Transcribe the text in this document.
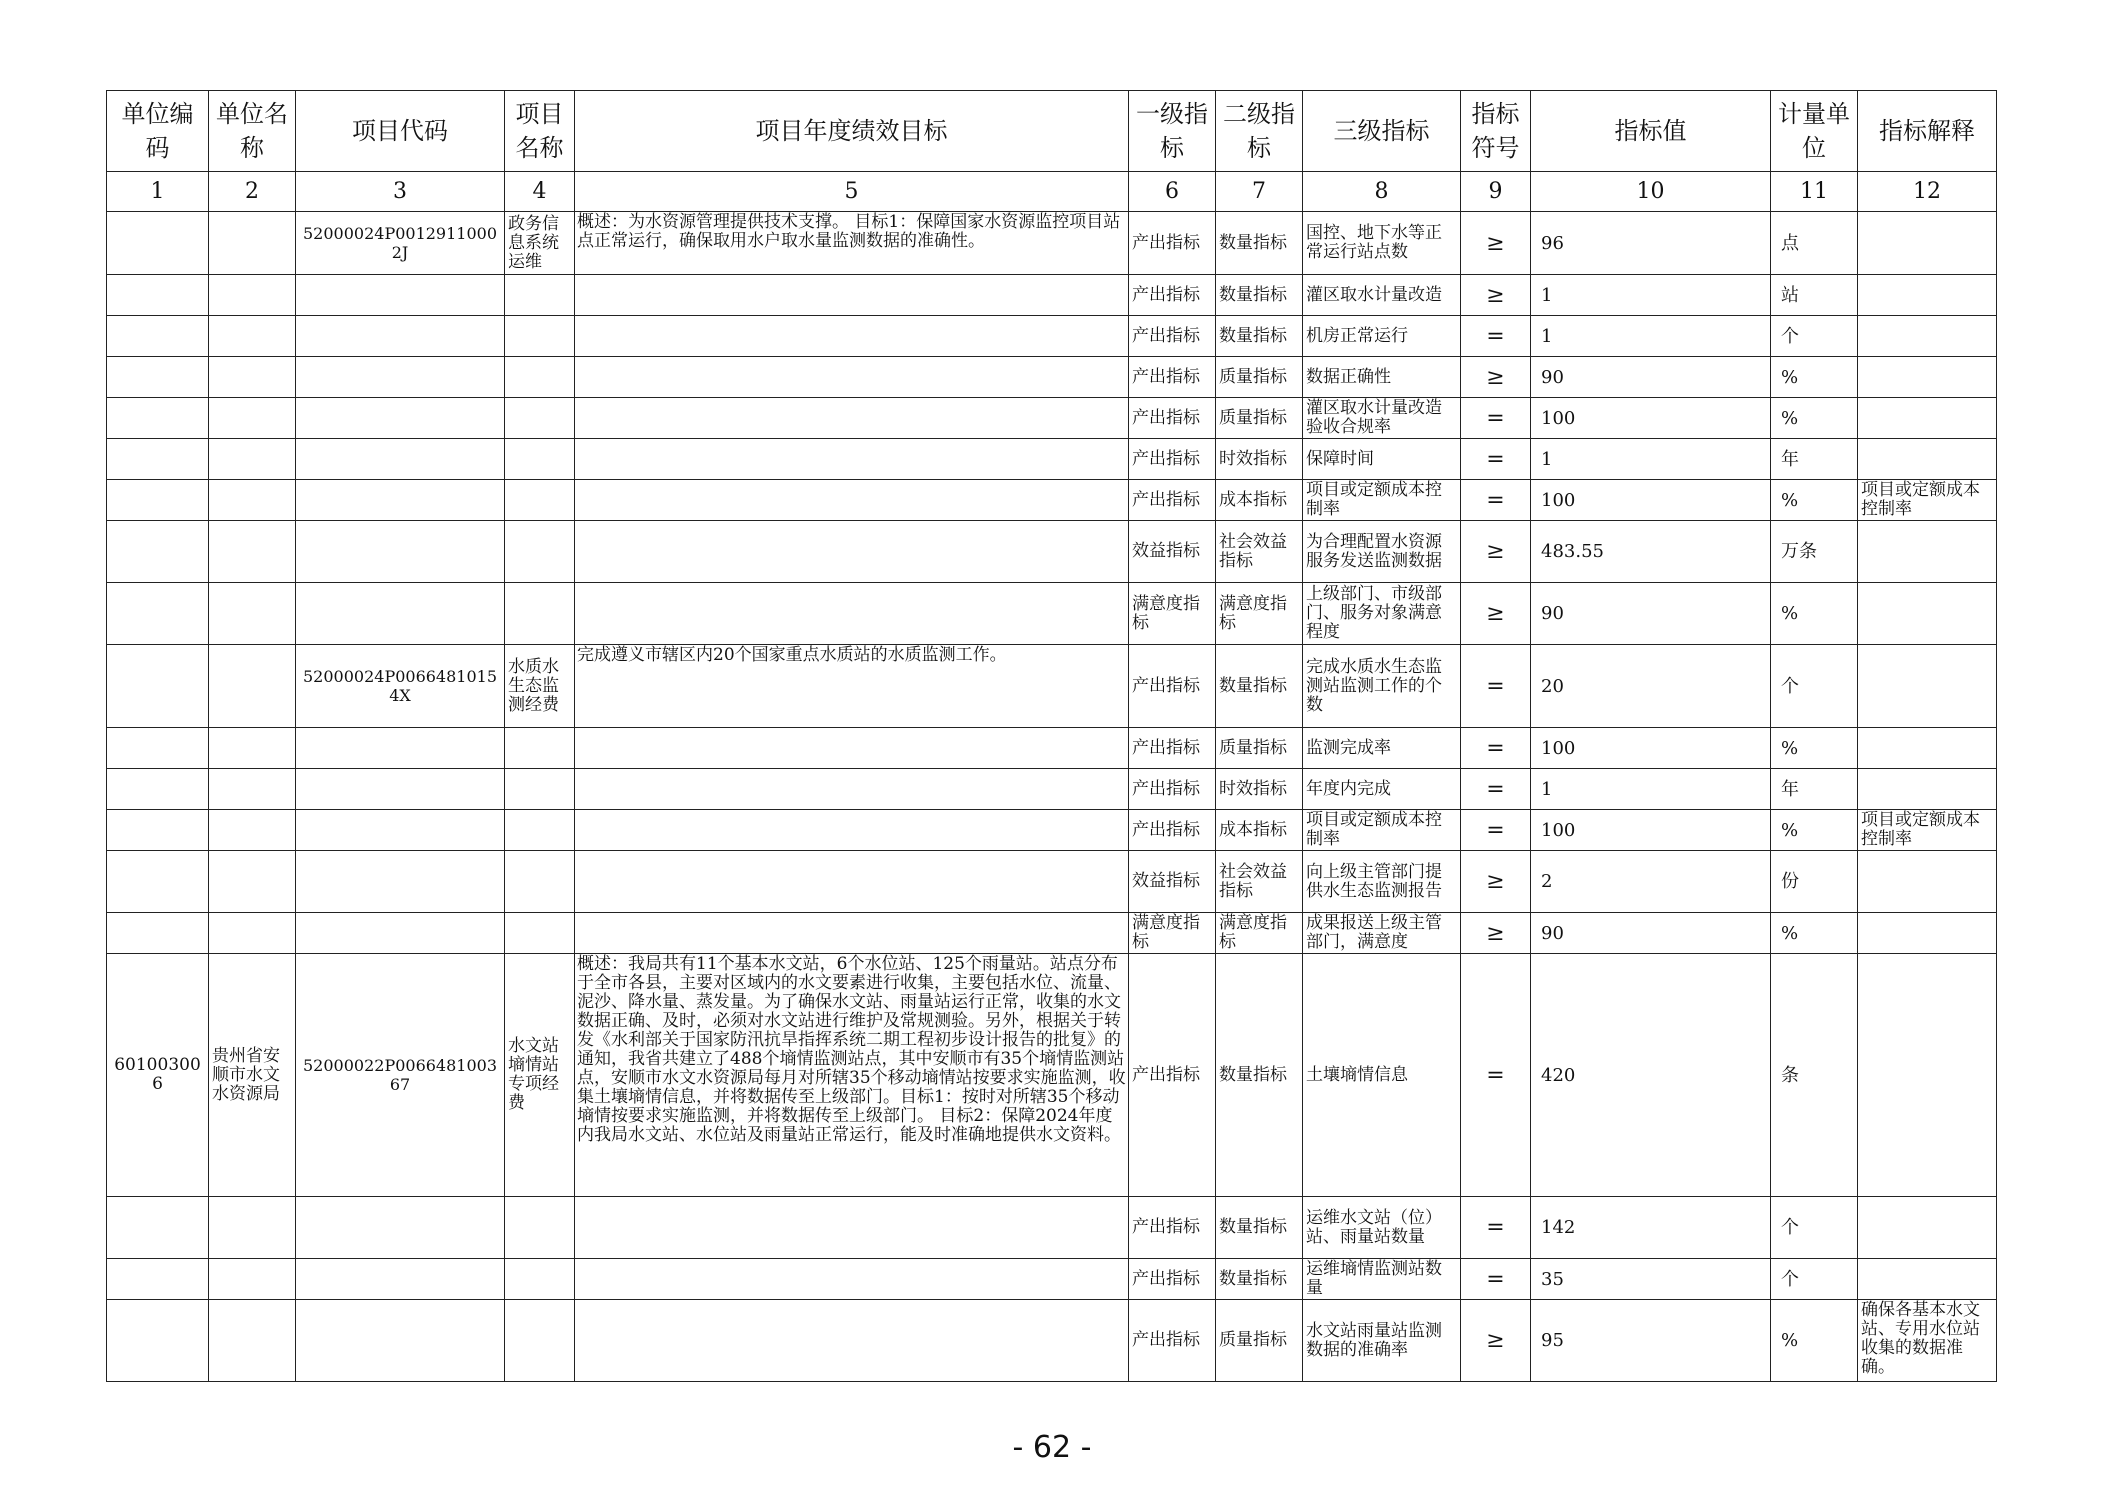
单位编码	单位名称	项目代码	项目名称	项目年度绩效目标	一级指标	二级指标	三级指标	指标符号	指标值	计量单位	指标解释
1	2	3	4	5	6	7	8	9	10	11	12
		52000024P00129110002J	政务信息系统运维	概述：为水资源管理提供技术支撑。 目标1：保障国家水资源监控项目站点正常运行，确保取用水户取水量监测数据的准确性。	产出指标	数量指标	国控、地下水等正常运行站点数	≥	96	点	
					产出指标	数量指标	灌区取水计量改造	≥	1	站	
					产出指标	数量指标	机房正常运行	=	1	个	
					产出指标	质量指标	数据正确性	≥	90	%	
					产出指标	质量指标	灌区取水计量改造验收合规率	=	100	%	
					产出指标	时效指标	保障时间	=	1	年	
					产出指标	成本指标	项目或定额成本控制率	=	100	%	项目或定额成本控制率
					效益指标	社会效益指标	为合理配置水资源服务发送监测数据	≥	483.55	万条	
					满意度指标	满意度指标	上级部门、市级部门、服务对象满意程度	≥	90	%	
		52000024P00664810154X	水质水生态监测经费	完成遵义市辖区内20个国家重点水质站的水质监测工作。	产出指标	数量指标	完成水质水生态监测站监测工作的个数	=	20	个	
					产出指标	质量指标	监测完成率	=	100	%	
					产出指标	时效指标	年度内完成	=	1	年	
					产出指标	成本指标	项目或定额成本控制率	=	100	%	项目或定额成本控制率
					效益指标	社会效益指标	向上级主管部门提供水生态监测报告	≥	2	份	
					满意度指标	满意度指标	成果报送上级主管部门，满意度	≥	90	%	
601003006	贵州省安顺市水文水资源局	52000022P006648100367	水文站墒情站专项经费	概述：我局共有11个基本水文站，6个水位站、125个雨量站。站点分布于全市各县，主要对区域内的水文要素进行收集，主要包括水位、流量、泥沙、降水量、蒸发量。为了确保水文站、雨量站运行正常，收集的水文数据正确、及时，必须对水文站进行维护及常规测验。另外，根据关于转发《水利部关于国家防汛抗旱指挥系统二期工程初步设计报告的批复》的通知，我省共建立了488个墒情监测站点，其中安顺市有35个墒情监测站点，安顺市水文水资源局每月对所辖35个移动墒情站按要求实施监测，收集土壤墒情信息，并将数据传至上级部门。目标1：按时对所辖35个移动墒情按要求实施监测，并将数据传至上级部门。 目标2：保障2024年度内我局水文站、水位站及雨量站正常运行，能及时准确地提供水文资料。	产出指标	数量指标	土壤墒情信息	=	420	条	
					产出指标	数量指标	运维水文站（位）站、雨量站数量	=	142	个	
					产出指标	数量指标	运维墒情监测站数量	=	35	个	
					产出指标	质量指标	水文站雨量站监测数据的准确率	≥	95	%	确保各基本水文站、专用水位站收集的数据准确。
- 62 -
